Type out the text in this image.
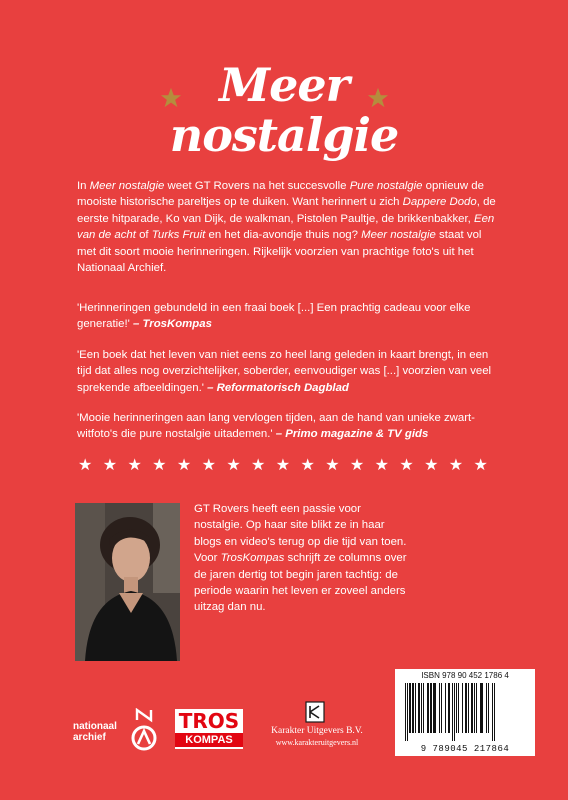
Meer
nostalgie

In Meer nostalgie weet GT Rovers na het succesvolle Pure nostalgie opnieuw de mooiste historische pareltjes op te duiken. Want herinnert u zich Dappere Dodo, de eerste hitparade, Ko van Dijk, de walkman, Pistolen Paultje, de brikkenbakker, Een van de acht of Turks Fruit en het dia-avondje thuis nog? Meer nostalgie staat vol met dit soort mooie herinneringen. Rijkelijk voorzien van prachtige foto's uit het Nationaal Archief.

'Herinneringen gebundeld in een fraai boek [...] Een prachtig cadeau voor elke generatie!' – TrosKompas

'Een boek dat het leven van niet eens zo heel lang geleden in kaart brengt, in een tijd dat alles nog overzichtelijker, soberder, eenvoudiger was [...] voorzien van veel sprekende afbeeldingen.' – Reformatorisch Dagblad

'Mooie herinneringen aan lang vervlogen tijden, aan de hand van unieke zwart-witfoto's die pure nostalgie uitademen.' – Primo magazine & TV gids

★ ★ ★ ★ ★ ★ ★ ★ ★ ★ ★ ★ ★ ★ ★ ★ ★

GT Rovers heeft een passie voor nostalgie. Op haar site blikt ze in haar blogs en video's terug op die tijd van toen. Voor TrosKompas schrijft ze columns over de jaren dertig tot begin jaren tachtig: de periode waarin het leven er zoveel anders uitzag dan nu.

ISBN 978 90 452 1786 4
9 789045 217864
nationaal
archief
TROS
KOMPAS
Karakter Uitgevers B.V.
www.karakteruitgevers.nl
